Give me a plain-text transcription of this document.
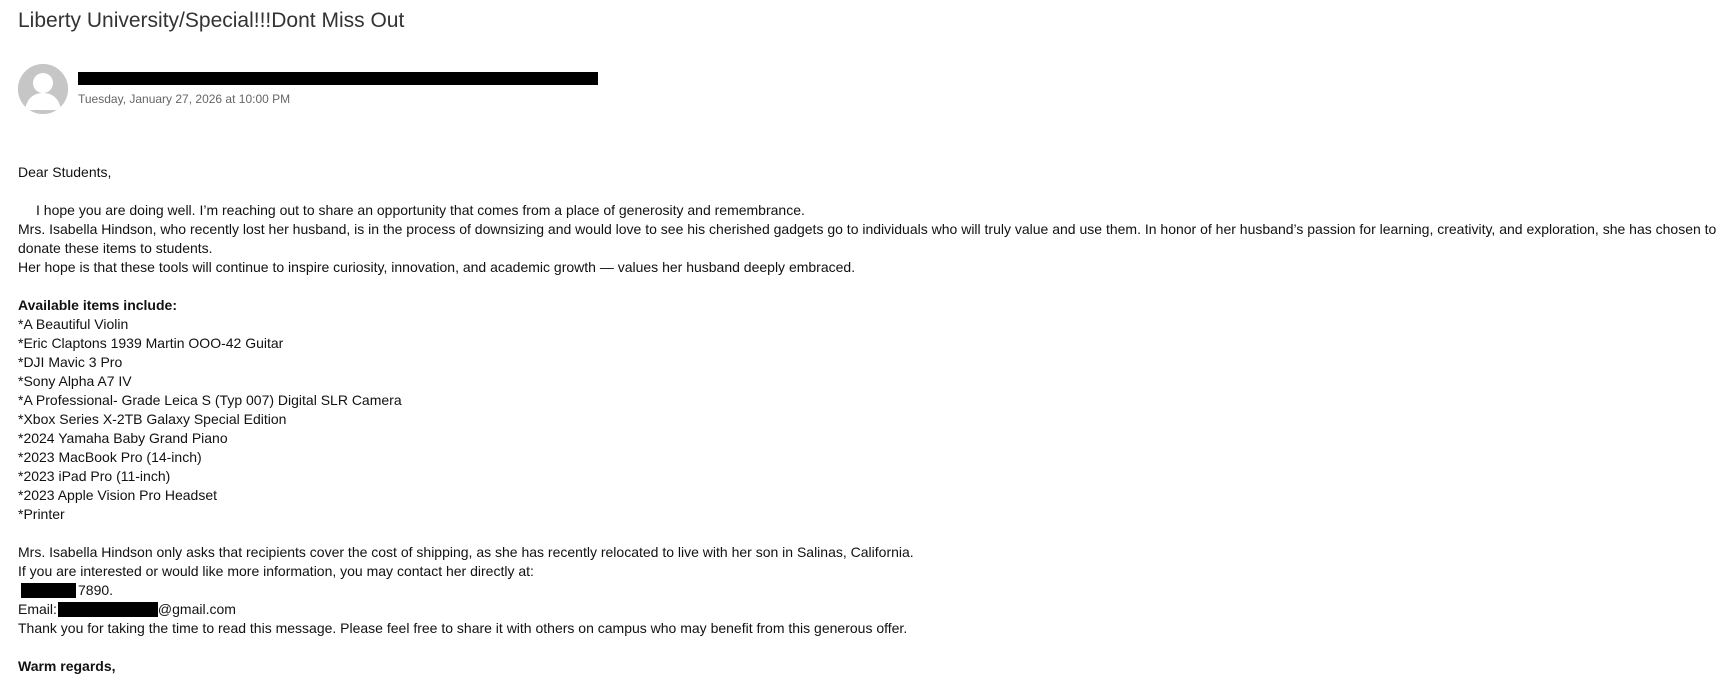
Liberty University/Special!!!Dont Miss Out
Tuesday, January 27, 2026 at 10:00 PM
Dear Students,
I hope you are doing well. I’m reaching out to share an opportunity that comes from a place of generosity and remembrance.
Mrs. Isabella Hindson, who recently lost her husband, is in the process of downsizing and would love to see his cherished gadgets go to individuals who will truly value and use them. In honor of her husband’s passion for learning, creativity, and exploration, she has chosen to donate these items to students.
Her hope is that these tools will continue to inspire curiosity, innovation, and academic growth — values her husband deeply embraced.
Available items include:
*A Beautiful Violin
*Eric Claptons 1939 Martin OOO-42 Guitar
*DJI Mavic 3 Pro
*Sony Alpha A7 IV
*A Professional- Grade Leica S (Typ 007) Digital SLR Camera
*Xbox Series X-2TB Galaxy Special Edition
*2024 Yamaha Baby Grand Piano
*2023 MacBook Pro (14-inch)
*2023 iPad Pro (11-inch)
*2023 Apple Vision Pro Headset
*Printer
Mrs. Isabella Hindson only asks that recipients cover the cost of shipping, as she has recently relocated to live with her son in Salinas, California.
If you are interested or would like more information, you may contact her directly at:
7890.
Email:	@gmail.com
Thank you for taking the time to read this message. Please feel free to share it with others on campus who may benefit from this generous offer.
Warm regards,
